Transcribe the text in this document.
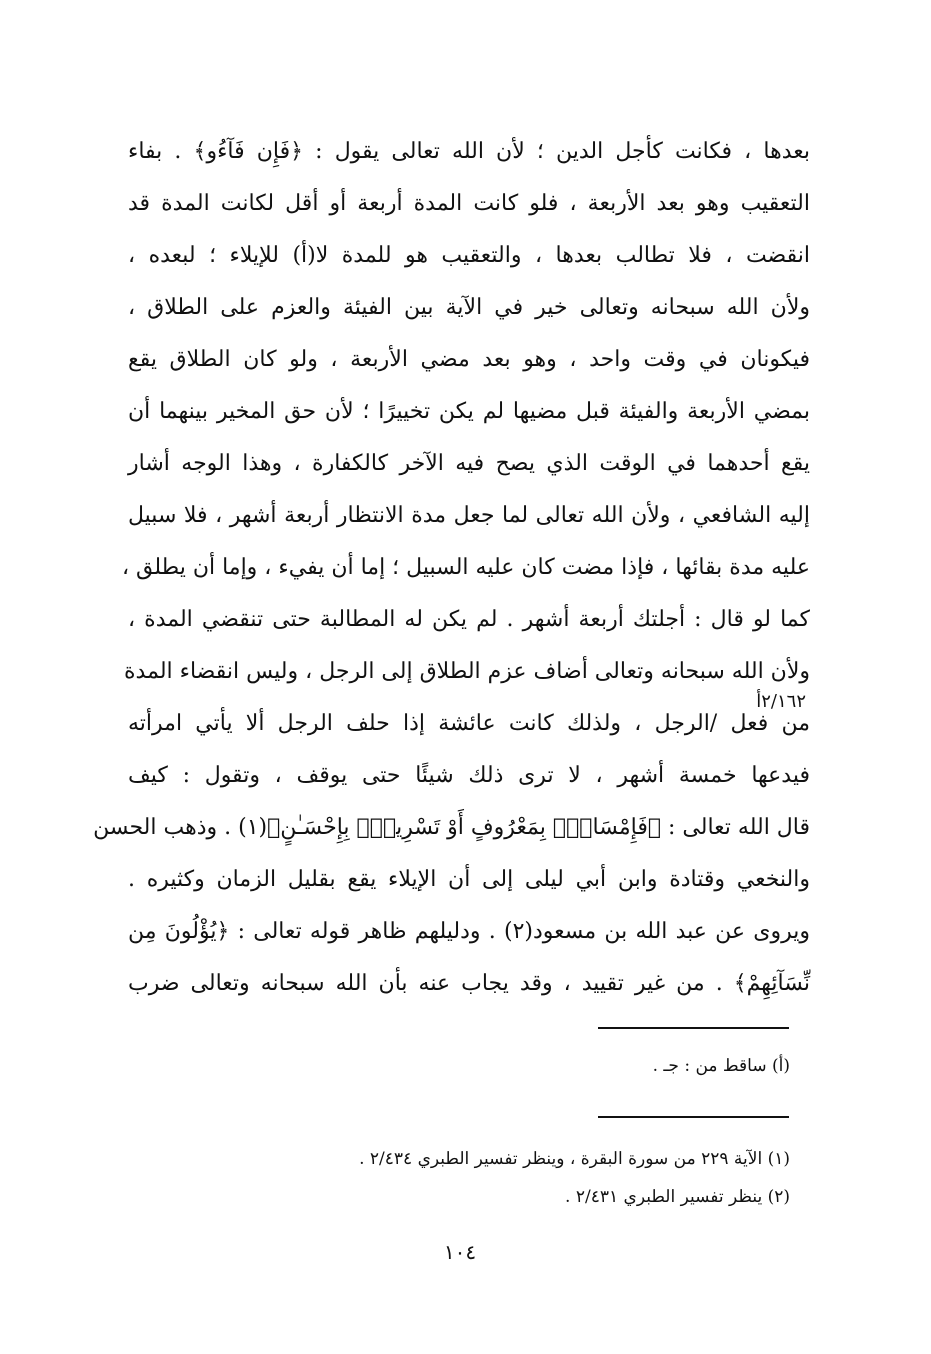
بعدها ، فكانت كأجل الدين ؛ لأن الله تعالى يقول : ﴿فَإِن فَآءُو﴾ . بفاء
التعقيب وهو بعد الأربعة ، فلو كانت المدة أربعة أو أقل لكانت المدة قد
انقضت ، فلا تطالب بعدها ، والتعقيب هو للمدة لا(أ) للإيلاء ؛ لبعده ،
ولأن الله سبحانه وتعالى خير في الآية بين الفيئة والعزم على الطلاق ،
فيكونان في وقت واحد ، وهو بعد مضي الأربعة ، ولو كان الطلاق يقع
بمضي الأربعة والفيئة قبل مضيها لم يكن تخييرًا ؛ لأن حق المخير بينهما أن
يقع أحدهما في الوقت الذي يصح فيه الآخر كالكفارة ، وهذا الوجه أشار
إليه الشافعي ، ولأن الله تعالى لما جعل مدة الانتظار أربعة أشهر ، فلا سبيل
عليه مدة بقائها ، فإذا مضت كان عليه السبيل ؛ إما أن يفيء ، وإما أن يطلق ،
كما لو قال : أجلتك أربعة أشهر . لم يكن له المطالبة حتى تنقضي المدة ،
ولأن الله سبحانه وتعالى أضاف عزم الطلاق إلى الرجل ، وليس انقضاء المدة
من فعل /الرجل ، ولذلك كانت عائشة إذا حلف الرجل ألا يأتي امرأته
فيدعها خمسة أشهر ، لا ترى ذلك شيئًا حتى يوقف ، وتقول : كيف
قال الله تعالى : ﴿فَإِمْسَاكُۢ بِمَعْرُوفٍ أَوْ تَسْرِيحُۢ بِإِحْسَـٰنٍ﴾(١) . وذهب الحسن
والنخعي وقتادة وابن أبي ليلى إلى أن الإيلاء يقع بقليل الزمان وكثيره .
ويروى عن عبد الله بن مسعود(٢) . ودليلهم ظاهر قوله تعالى : ﴿يُؤْلُونَ مِن
نِّسَآئِهِمْ﴾ . من غير تقييد ، وقد يجاب عنه بأن الله سبحانه وتعالى ضرب
٢/١٦٢أ
(أ) ساقط من : جـ .
(١) الآية ٢٢٩ من سورة البقرة ، وينظر تفسير الطبري ٢/٤٣٤ .
(٢) ينظر تفسير الطبري ٢/٤٣١ .
١٠٤
